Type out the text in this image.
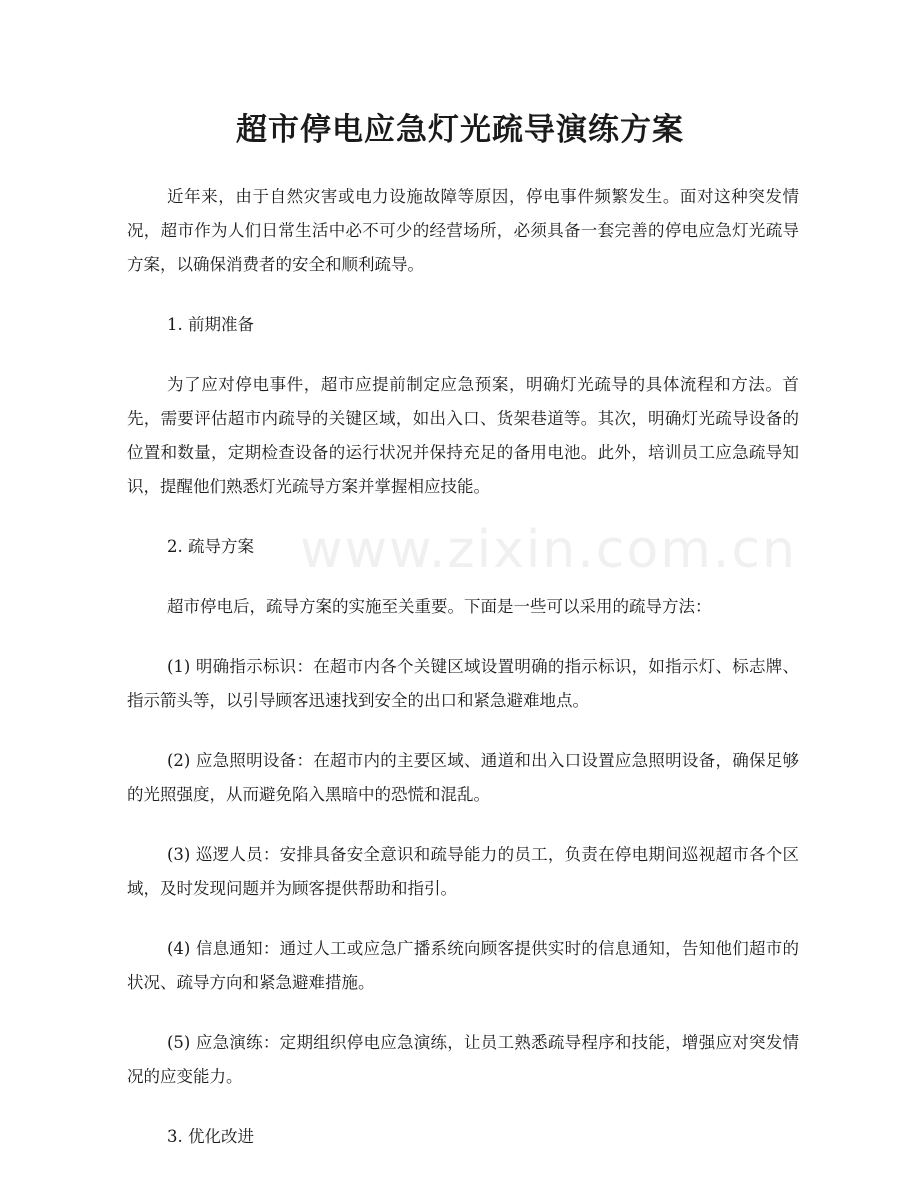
www.zixin.com.cn
超市停电应急灯光疏导演练方案

近年来，由于自然灾害或电力设施故障等原因，停电事件频繁发生。面对这种突发情况，超市作为人们日常生活中必不可少的经营场所，必须具备一套完善的停电应急灯光疏导方案，以确保消费者的安全和顺利疏导。

1. 前期准备

为了应对停电事件，超市应提前制定应急预案，明确灯光疏导的具体流程和方法。首先，需要评估超市内疏导的关键区域，如出入口、货架巷道等。其次，明确灯光疏导设备的位置和数量，定期检查设备的运行状况并保持充足的备用电池。此外，培训员工应急疏导知识，提醒他们熟悉灯光疏导方案并掌握相应技能。

2. 疏导方案

超市停电后，疏导方案的实施至关重要。下面是一些可以采用的疏导方法：

(1) 明确指示标识：在超市内各个关键区域设置明确的指示标识，如指示灯、标志牌、指示箭头等，以引导顾客迅速找到安全的出口和紧急避难地点。

(2) 应急照明设备：在超市内的主要区域、通道和出入口设置应急照明设备，确保足够的光照强度，从而避免陷入黑暗中的恐慌和混乱。

(3) 巡逻人员：安排具备安全意识和疏导能力的员工，负责在停电期间巡视超市各个区域，及时发现问题并为顾客提供帮助和指引。

(4) 信息通知：通过人工或应急广播系统向顾客提供实时的信息通知，告知他们超市的状况、疏导方向和紧急避难措施。

(5) 应急演练：定期组织停电应急演练，让员工熟悉疏导程序和技能，增强应对突发情况的应变能力。

3. 优化改进
